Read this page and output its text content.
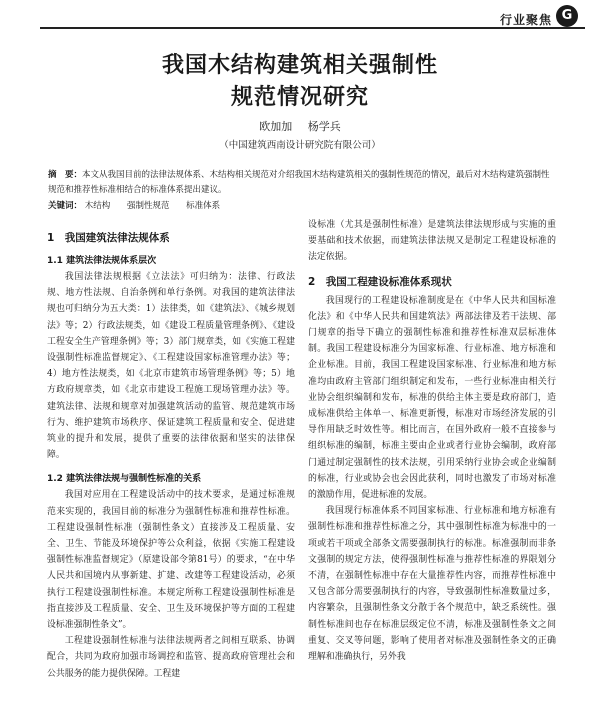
行业聚焦 G
我国木结构建筑相关强制性
规范情况研究
欧加加 杨学兵
（中国建筑西南设计研究院有限公司）
摘　要：本文从我国目前的法律法规体系、木结构相关规范对介绍我国木结构建筑相关的强制性规范的情况，最后对木结构建筑强制性规范和推荐性标准相结合的标准体系提出建议。
关键词： 木结构 强制性规范 标准体系
1　我国建筑法律法规体系
1.1 建筑法律法规体系层次

我国法律法规根据《立法法》可归纳为：法律、行政法规、地方性法规、自治条例和单行条例。对我国的建筑法律法规也可归纳分为五大类：1）法律类，如《建筑法》、《城乡规划法》等；2）行政法规类，如《建设工程质量管理条例》、《建设工程安全生产管理条例》等；3）部门规章类，如《实施工程建设强制性标准监督规定》、《工程建设国家标准管理办法》等；4）地方性法规类，如《北京市建筑市场管理条例》等；5）地方政府规章类，如《北京市建设工程施工现场管理办法》等。建筑法律、法规和规章对加强建筑活动的监管、规范建筑市场行为、维护建筑市场秩序、保证建筑工程质量和安全、促进建筑业的提升和发展，提供了重要的法律依据和坚实的法律保障。

1.2 建筑法律法规与强制性标准的关系

我国对应用在工程建设活动中的技术要求，是通过标准规范来实现的，我国目前的标准分为强制性标准和推荐性标准。工程建设强制性标准（强制性条文）直接涉及工程质量、安全、卫生、节能及环境保护等公众利益，依据《实施工程建设强制性标准监督规定》（原建设部令第81号）的要求，“在中华人民共和国境内从事新建、扩建、改建等工程建设活动，必须执行工程建设强制性标准。本规定所称工程建设强制性标准是指直接涉及工程质量、安全、卫生及环境保护等方面的工程建设标准强制性条文”。

工程建设强制性标准与法律法规两者之间相互联系、协调配合，共同为政府加强市场调控和监管、提高政府管理社会和公共服务的能力提供保障。工程建

设标准（尤其是强制性标准）是建筑法律法规形成与实施的重要基础和技术依据，而建筑法律法规又是制定工程建设标准的法定依据。

2　我国工程建设标准体系现状

我国现行的工程建设标准制度是在《中华人民共和国标准化法》和《中华人民共和国建筑法》两部法律及若干法规、部门规章的指导下确立的强制性标准和推荐性标准双层标准体制。我国工程建设标准分为国家标准、行业标准、地方标准和企业标准。目前，我国工程建设国家标准、行业标准和地方标准均由政府主管部门组织制定和发布，一些行业标准由相关行业协会组织编制和发布，标准的供给主体主要是政府部门，造成标准供给主体单一、标准更新慢，标准对市场经济发展的引导作用缺乏时效性等。相比而言，在国外政府一般不直接参与组织标准的编制，标准主要由企业或者行业协会编制，政府部门通过制定强制性的技术法规，引用采纳行业协会或企业编制的标准，行业或协会也会因此获利，同时也激发了市场对标准的激励作用，促进标准的发展。

我国现行标准体系不同国家标准、行业标准和地方标准有强制性标准和推荐性标准之分，其中强制性标准为标准中的一项或若干项或全部条文需要强制执行的标准。标准强制而非条文强制的规定方法，使得强制性标准与推荐性标准的界限划分不清，在强制性标准中存在大量推荐性内容，而推荐性标准中又包含部分需要强制执行的内容，导致强制性标准数量过多，内容繁杂，且强制性条文分散于各个规范中，缺乏系统性。强制性标准间也存在标准层级定位不清，标准及强制性条文之间重复、交叉等问题，影响了使用者对标准及强制性条文的正确理解和准确执行，另外我
